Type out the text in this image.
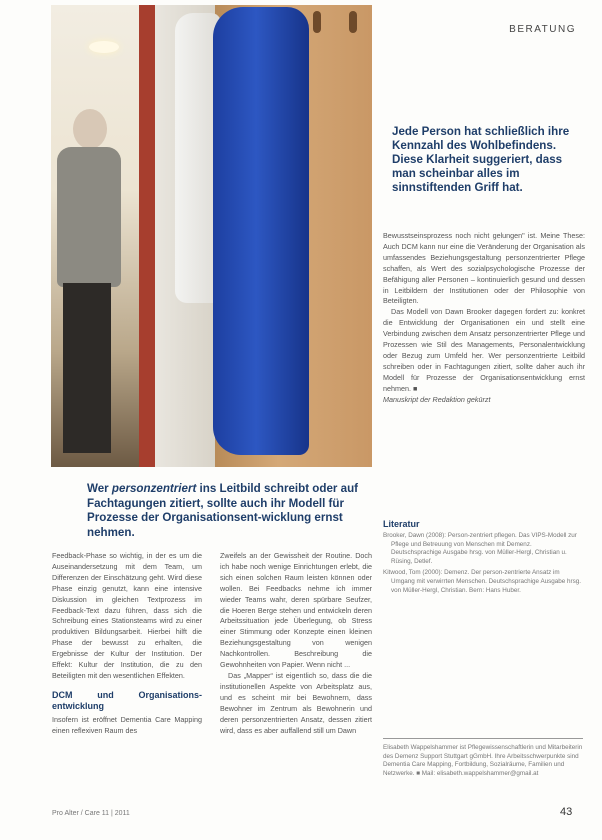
BERATUNG
Jede Person hat schließlich ihre Kennzahl des Wohlbefindens. Diese Klarheit suggeriert, dass man scheinbar alles im sinnstiftenden Griff hat.
Wer personzentriert ins Leitbild schreibt oder auf Fachtagungen zitiert, sollte auch ihr Modell für Prozesse der Organisationsent-wicklung ernst nehmen.

Bewusstseinsprozess noch nicht gelungen" ist. Meine These: Auch DCM kann nur eine die Veränderung der Organisation als umfassendes Beziehungsgestaltung personzentrierter Pflege schaffen, als Wert des sozialpsychologische Prozesse der Befähigung aller Personen – kontinuierlich gesund und dessen in Leitbildern der Institutionen oder der Philosophie von Beteiligten.

Das Modell von Dawn Brooker dagegen fordert zu: konkret die Entwicklung der Organisationen ein und stellt eine Verbindung zwischen dem Ansatz personzentrierter Pflege und Prozessen wie Stil des Managements, Personalentwicklung oder Bezug zum Umfeld her. Wer personzentrierte Leitbild schreiben oder in Fachtagungen zitiert, sollte daher auch ihr Modell für Prozesse der Organisationsentwicklung ernst nehmen. ■

Manuskript der Redaktion gekürzt

Literatur

Brooker, Dawn (2008): Person-zentriert pflegen. Das VIPS-Modell zur Pflege und Betreuung von Menschen mit Demenz. Deutschsprachige Ausgabe hrsg. von Müller-Hergl, Christian u. Rüsing, Detlef.

Kitwood, Tom (2000): Demenz. Der person-zentrierte Ansatz im Umgang mit verwirrten Menschen. Deutschsprachige Ausgabe hrsg. von Müller-Hergl, Christian. Bern: Hans Huber.

Feedback-Phase so wichtig, in der es um die Auseinandersetzung mit dem Team, um Differenzen der Einschätzung geht. Wird diese Phase einzig genutzt, kann eine intensive Diskussion im gleichen Textprozess im Feedback-Text dazu führen, dass sich die Schreibung eines Stationsteams wird zu einer produktiven Bildungsarbeit. Hierbei hilft die Phase der bewusst zu erhalten, die Ergebnisse der Kultur der Institution. Der Effekt: Kultur der Institution, die zu den Beteiligten mit den wesentlichen Effekten.

DCM und Organisations-entwicklung

Insofern ist eröffnet Dementia Care Mapping einen reflexiven Raum des

Zweifels an der Gewissheit der Routine. Doch ich habe noch wenige Einrichtungen erlebt, die sich einen solchen Raum leisten können oder wollen. Bei Feedbacks nehme ich immer wieder Teams wahr, deren spürbare Seufzer, die Hoeren Berge stehen und entwickeln deren Arbeitssituation jede Überlegung, ob Stress einer Stimmung oder Konzepte einen kleinen Beziehungsgestaltung von wenigen Nachkontrollen. Beschreibung die Gewohnheiten von Papier. Wenn nicht ...

Das „Mapper“ ist eigentlich so, dass die die institutionellen Aspekte von Arbeitsplatz aus, und es scheint mir bei Bewohnern, dass Bewohner im Zentrum als Bewohnerin und deren personzentrierten Ansatz, dessen zitiert wird, dass es aber auffallend still um Dawn

Elisabeth Wappelshammer ist Pflegewissenschaftlerin und Mitarbeiterin des Demenz Support Stuttgart gGmbH. Ihre Arbeitsschwerpunkte sind Dementia Care Mapping, Fortbildung, Sozialräume, Familien und Netzwerke. ■ Mail: elisabeth.wappelshammer@gmail.at
Pro Alter / Care 11 | 2011	43
